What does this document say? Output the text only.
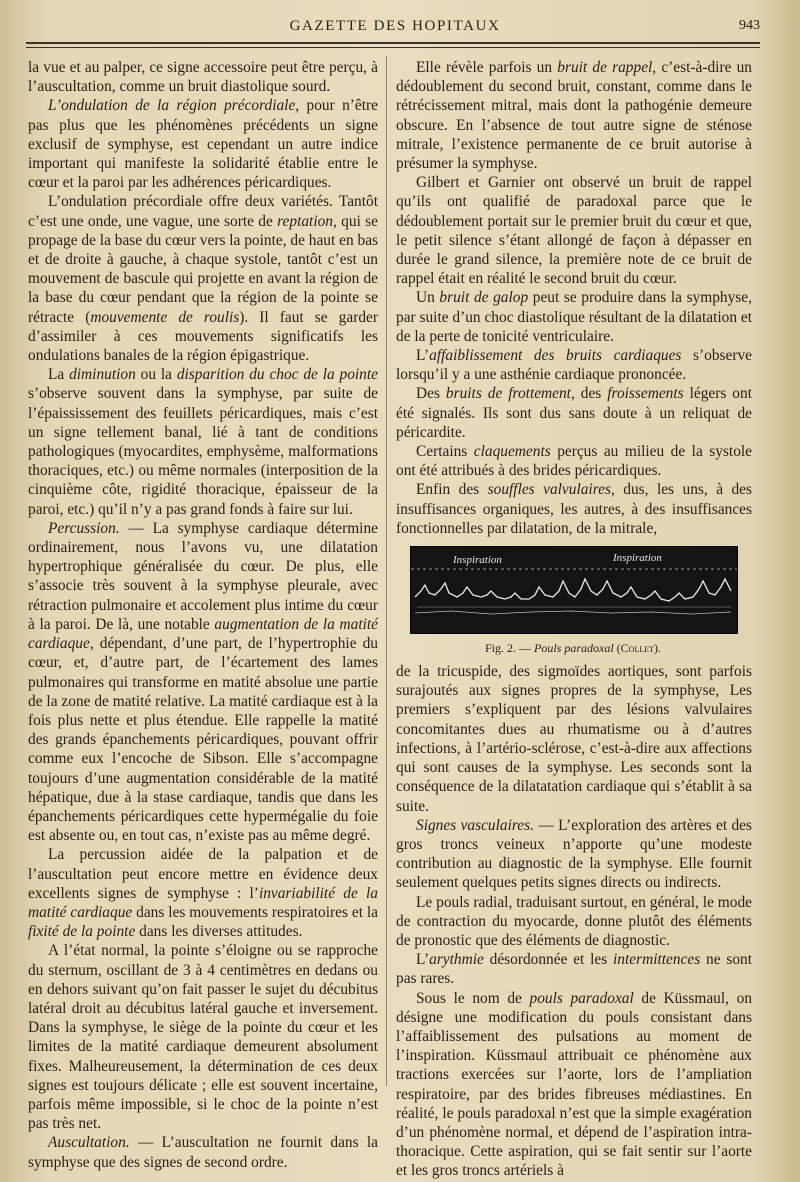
GAZETTE DES HOPITAUX	943

la vue et au palper, ce signe accessoire peut être perçu, à l’auscultation, comme un bruit diastolique sourd.

L’ondulation de la région précordiale, pour n’être pas plus que les phénomènes précédents un signe exclusif de symphyse, est cependant un autre indice important qui manifeste la solidarité établie entre le cœur et la paroi par les adhérences péricardiques.

L’ondulation précordiale offre deux variétés. Tantôt c’est une onde, une vague, une sorte de reptation, qui se propage de la base du cœur vers la pointe, de haut en bas et de droite à gauche, à chaque systole, tantôt c’est un mouvement de bascule qui projette en avant la région de la base du cœur pendant que la région de la pointe se rétracte (mouvemente de roulis). Il faut se garder d’assimiler à ces mouvements significatifs les ondulations banales de la région épigastrique.

La diminution ou la disparition du choc de la pointe s’observe souvent dans la symphyse, par suite de l’épaississement des feuillets péricardiques, mais c’est un signe tellement banal, lié à tant de conditions pathologiques (myocardites, emphysème, malformations thoraciques, etc.) ou même normales (interposition de la cinquième côte, rigidité thoracique, épaisseur de la paroi, etc.) qu’il n’y a pas grand fonds à faire sur lui.

Percussion. — La symphyse cardiaque détermine ordinairement, nous l’avons vu, une dilatation hypertrophique généralisée du cœur. De plus, elle s’associe très souvent à la symphyse pleurale, avec rétraction pulmonaire et accolement plus intime du cœur à la paroi. De là, une notable augmentation de la matité cardiaque, dépendant, d’une part, de l’hypertrophie du cœur, et, d’autre part, de l’écartement des lames pulmonaires qui transforme en matité absolue une partie de la zone de matité relative. La matité cardiaque est à la fois plus nette et plus étendue. Elle rappelle la matité des grands épanchements péricardiques, pouvant offrir comme eux l’encoche de Sibson. Elle s’accompagne toujours d’une augmentation considérable de la matité hépatique, due à la stase cardiaque, tandis que dans les épanchements péricardiques cette hypermégalie du foie est absente ou, en tout cas, n’existe pas au même degré.

La percussion aidée de la palpation et de l’auscultation peut encore mettre en évidence deux excellents signes de symphyse : l’invariabilité de la matité cardiaque dans les mouvements respiratoires et la fixité de la pointe dans les diverses attitudes.

A l’état normal, la pointe s’éloigne ou se rapproche du sternum, oscillant de 3 à 4 centimètres en dedans ou en dehors suivant qu’on fait passer le sujet du décubitus latéral droit au décubitus latéral gauche et inversement. Dans la symphyse, le siège de la pointe du cœur et les limites de la matité cardiaque demeurent absolument fixes. Malheureusement, la détermination de ces deux signes est toujours délicate ; elle est souvent incertaine, parfois même impossible, si le choc de la pointe n’est pas très net.

Auscultation. — L’auscultation ne fournit dans la symphyse que des signes de second ordre.

Elle révèle parfois un bruit de rappel, c’est-à-dire un dédoublement du second bruit, constant, comme dans le rétrécissement mitral, mais dont la pathogénie demeure obscure. En l’absence de tout autre signe de sténose mitrale, l’existence permanente de ce bruit autorise à présumer la symphyse.

Gilbert et Garnier ont observé un bruit de rappel qu’ils ont qualifié de paradoxal parce que le dédoublement portait sur le premier bruit du cœur et que, le petit silence s’étant allongé de façon à dépasser en durée le grand silence, la première note de ce bruit de rappel était en réalité le second bruit du cœur.

Un bruit de galop peut se produire dans la symphyse, par suite d’un choc diastolique résultant de la dilatation et de la perte de tonicité ventriculaire.

L’affaiblissement des bruits cardiaques s’observe lorsqu’il y a une asthénie cardiaque prononcée.

Des bruits de frottement, des froissements légers ont été signalés. Ils sont dus sans doute à un reliquat de péricardite.

Certains claquements perçus au milieu de la systole ont été attribués à des brides péricardiques.

Enfin des souffles valvulaires, dus, les uns, à des insuffisances organiques, les autres, à des insuffisances fonctionnelles par dilatation, de la mitrale,

Inspiration	Inspiration
Fig. 2. — Pouls paradoxal (Collet).

de la tricuspide, des sigmoïdes aortiques, sont parfois surajoutés aux signes propres de la symphyse, Les premiers s’expliquent par des lésions valvulaires concomitantes dues au rhumatisme ou à d’autres infections, à l’artério-sclérose, c’est-à-dire aux affections qui sont causes de la symphyse. Les seconds sont la conséquence de la dilatatation cardiaque qui s’établit à sa suite.

Signes vasculaires. — L’exploration des artères et des gros troncs veineux n’apporte qu’une modeste contribution au diagnostic de la symphyse. Elle fournit seulement quelques petits signes directs ou indirects.

Le pouls radial, traduisant surtout, en général, le mode de contraction du myocarde, donne plutôt des éléments de pronostic que des éléments de diagnostic.

L’arythmie désordonnée et les intermittences ne sont pas rares.

Sous le nom de pouls paradoxal de Küssmaul, on désigne une modification du pouls consistant dans l’affaiblissement des pulsations au moment de l’inspiration. Küssmaul attribuait ce phénomène aux tractions exercées sur l’aorte, lors de l’ampliation respiratoire, par des brides fibreuses médiastines. En réalité, le pouls paradoxal n’est que la simple exagération d’un phénomène normal, et dépend de l’aspiration intra-thoracique. Cette aspiration, qui se fait sentir sur l’aorte et les gros troncs artériels à
